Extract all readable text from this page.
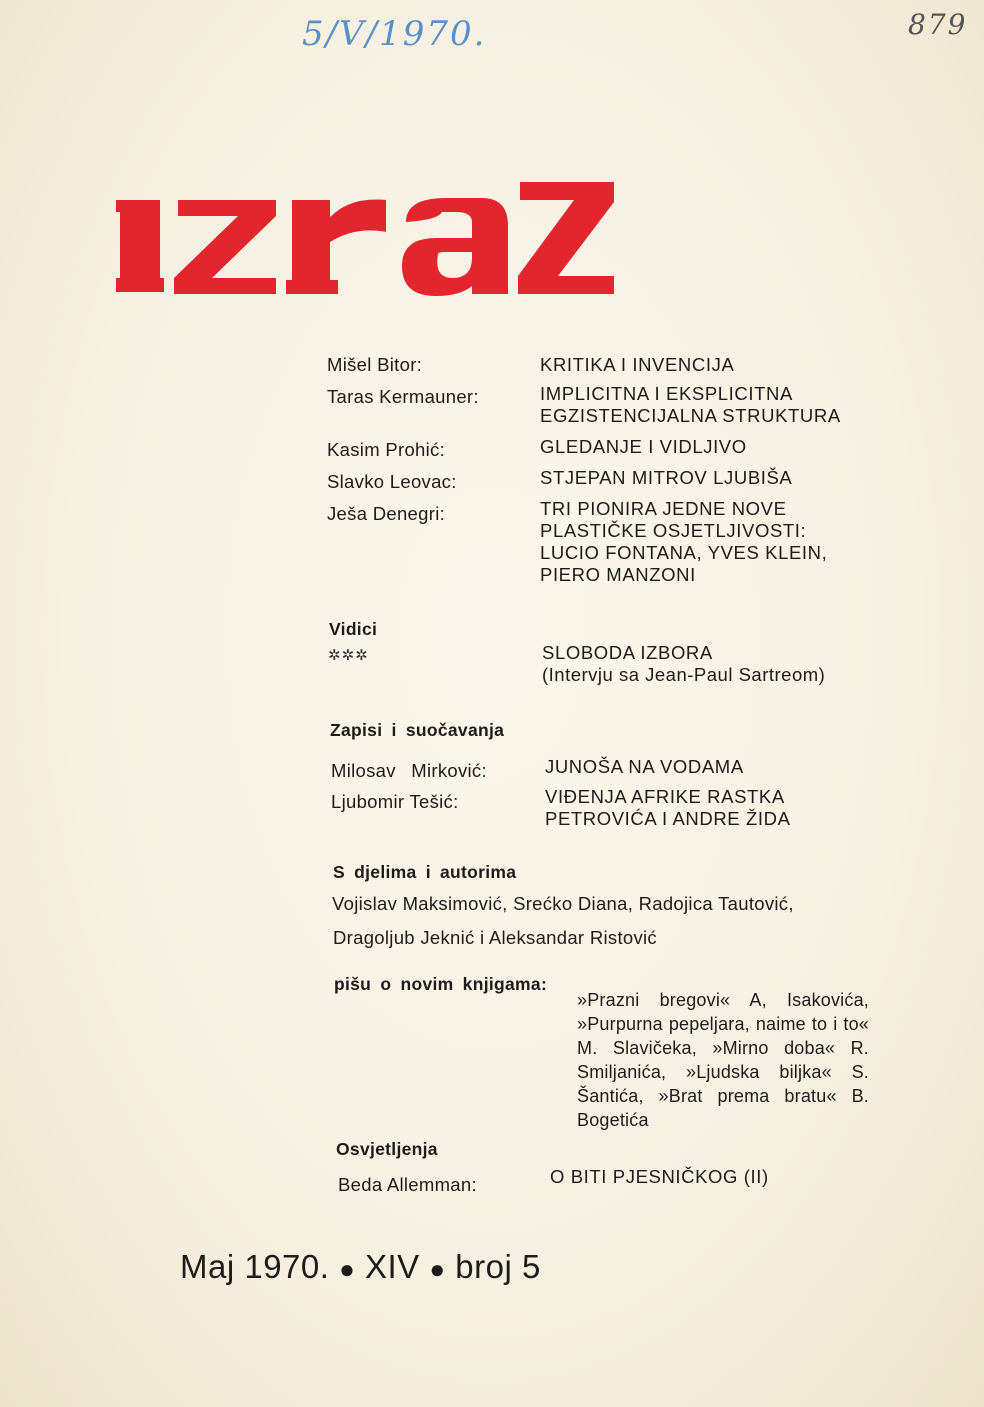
5/V/1970.	879
Mišel Bitor:	KRITIKA I INVENCIJA
Taras Kermauner:	IMPLICITNA I EKSPLICITNA
EGZISTENCIJALNA STRUKTURA
Kasim Prohić:	GLEDANJE I VIDLJIVO
Slavko Leovac:	STJEPAN MITROV LJUBIŠA
Ješa Denegri:	TRI PIONIRA JEDNE NOVE
PLASTIČKE OSJETLJIVOSTI:
LUCIO FONTANA, YVES KLEIN,
PIERO MANZONI
Vidici
✲✲✲	SLOBODA IZBORA
(Intervju sa Jean-Paul Sartreom)
Zapisi i suočavanja
Milosav Mirković:	JUNOŠA NA VODAMA
Ljubomir Tešić:	VIĐENJA AFRIKE RASTKA
PETROVIĆA I ANDRE ŽIDA
S djelima i autorima
Vojislav Maksimović, Srećko Diana, Radojica Tautović,
Dragoljub Jeknić i Aleksandar Ristović
pišu o novim knjigama:
»Prazni bregovi« A, Isakovića, »Purpurna pepeljara, naime to i to« M. Slavičeka, »Mirno doba« R. Smiljanića, »Ljudska biljka« S. Šantića, »Brat prema bratu« B. Bogetića
Osvjetljenja
Beda Allemman:	O BITI PJESNIČKOG (II)
Maj 1970. ● XIV ● broj 5
